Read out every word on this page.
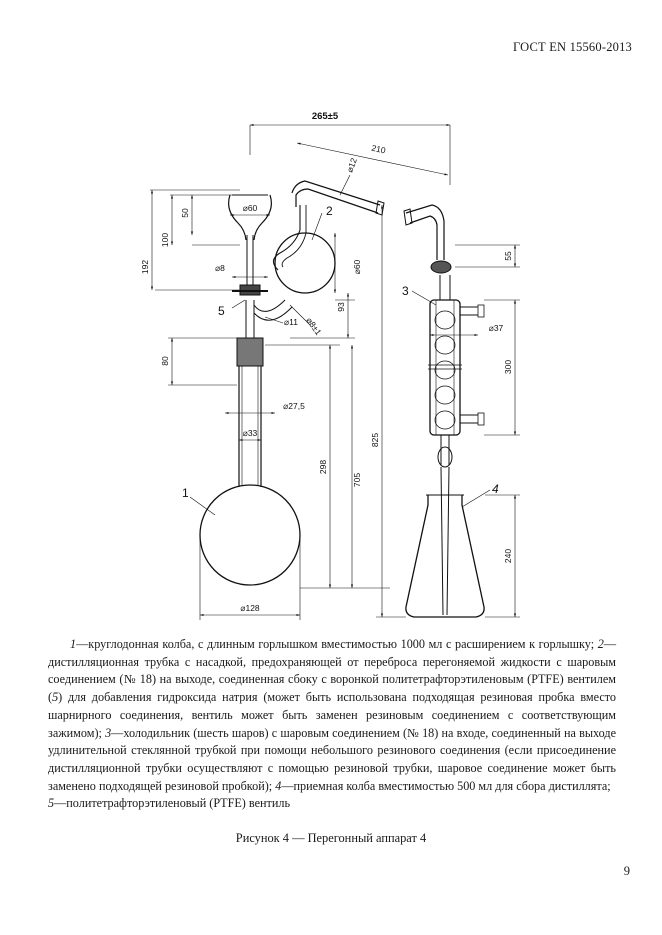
ГОСТ EN 15560-2013
265±5
210
⌀12
50	⌀60
100
192	⌀8	⌀60
93
⌀11 ⌀8±1
80
⌀27,5
⌀33
298
705
825
⌀128
55
⌀37
300
240
1
2
3
4
5

1—круглодонная колба, с длинным горлышком вместимостью 1000 мл с расширением к горлышку; 2—дистилляционная трубка с насадкой, предохраняющей от переброса перегоняемой жидкости с шаровым соединением (№ 18) на выходе, соединенная сбоку с воронкой политетрафторэтиленовым (PTFE) вентилем (5) для добавления гидроксида натрия (может быть использована подходящая резиновая пробка вместо шарнирного соединения, вентиль может быть заменен резиновым соединением с соответствующим зажимом); 3—холодильник (шесть шаров) с шаровым соединением (№ 18) на входе, соединенный на выходе удлинительной стеклянной трубкой при помощи небольшого резинового соединения (если присоединение дистилляционной трубки осуществляют с помощью резиновой трубки, шаровое соединение может быть заменено подходящей резиновой пробкой); 4—приемная колба вместимостью 500 мл для сбора дистиллята;
5—политетрафторэтиленовый (PTFE) вентиль

Рисунок 4 — Перегонный аппарат 4
9
